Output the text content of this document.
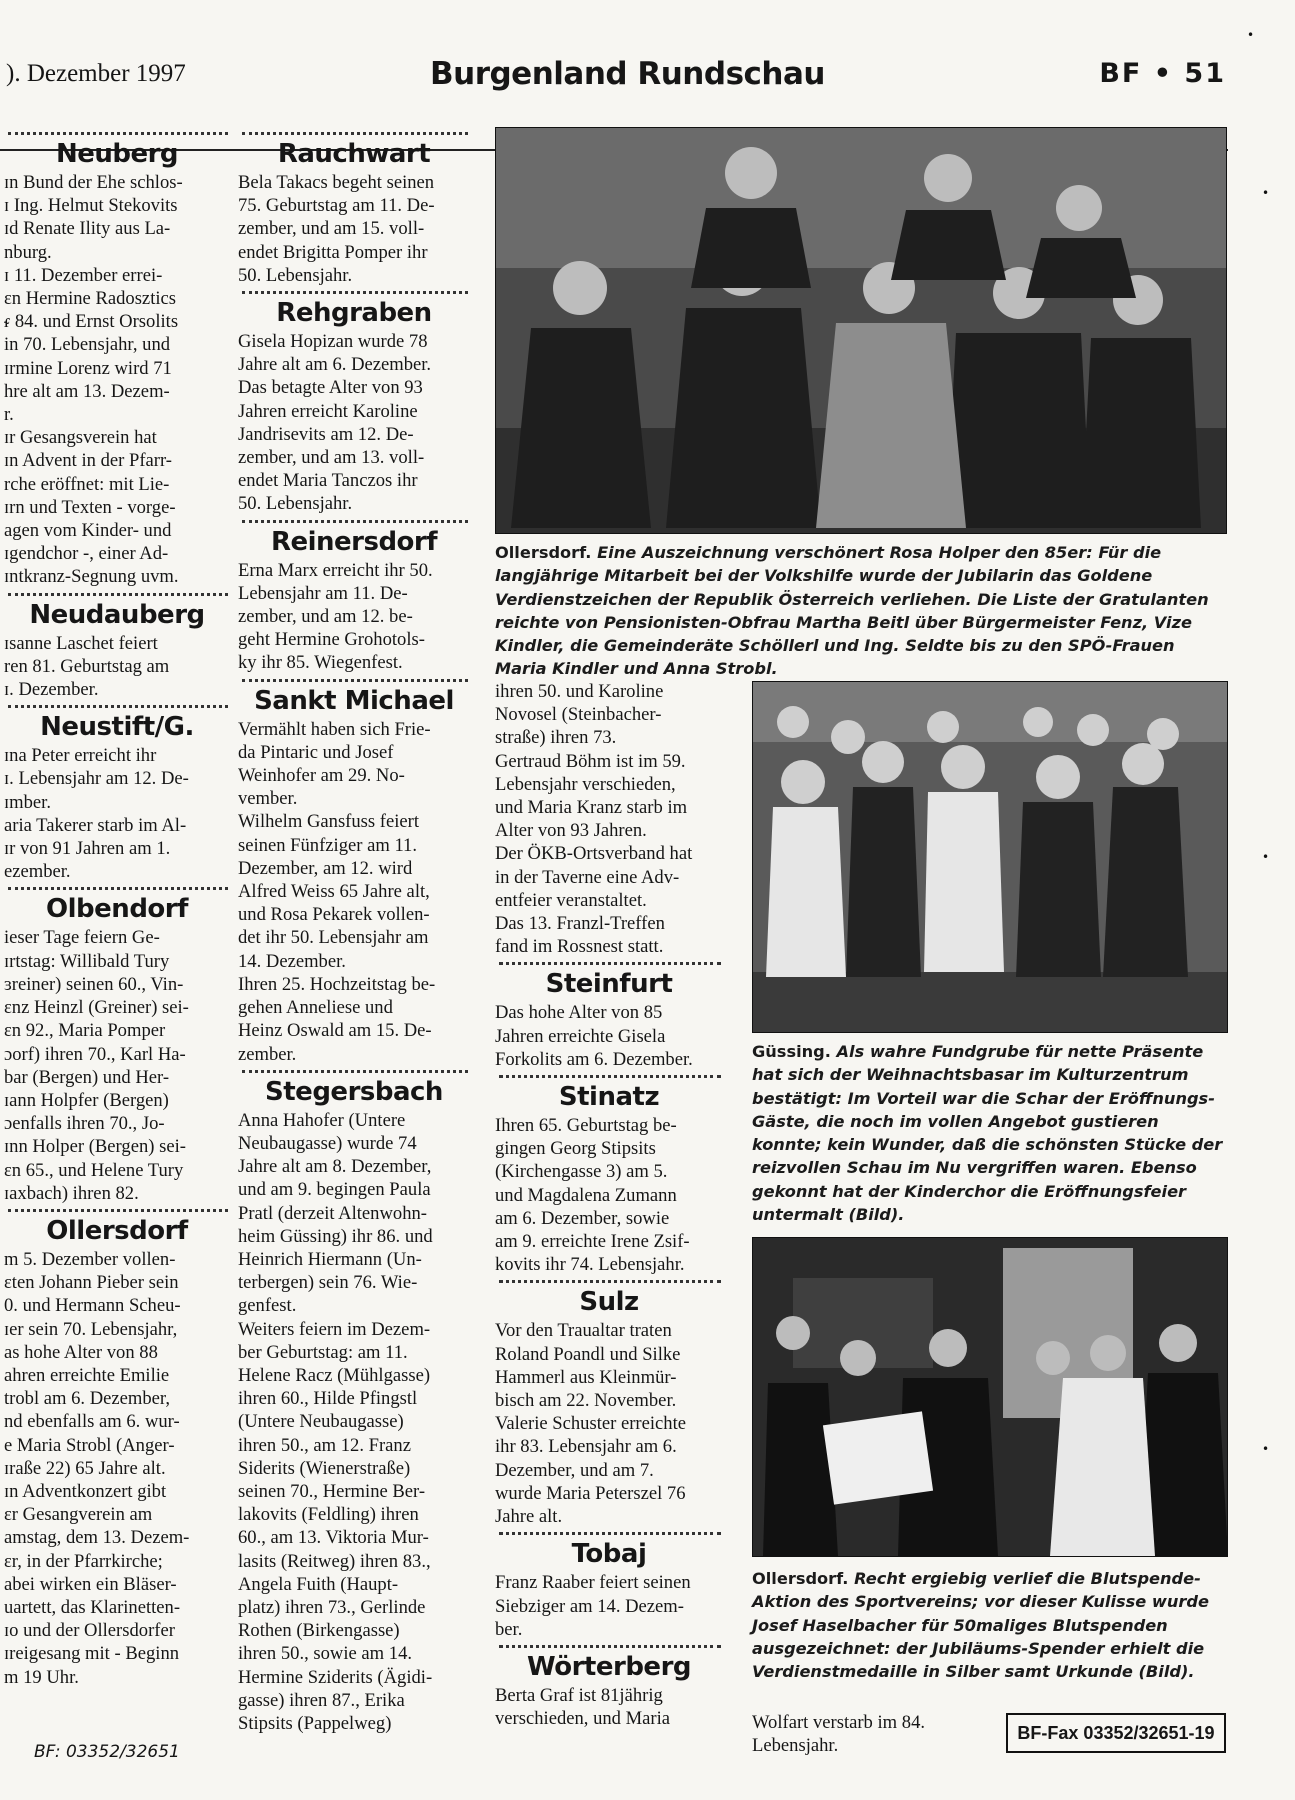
). Dezember 1997	Burgenland Rundschau	BF • 51
Neuberg
ɪn Bund der Ehe schlos-
ɪ Ing. Helmut Stekovits
ɪd Renate Ility aus La-
nburg.
ɪ 11. Dezember errei-
ɛn Hermine Radosztics
ᵳ 84. und Ernst Orsolits
in 70. Lebensjahr, und
ɪrmine Lorenz wird 71
hre alt am 13. Dezem-
r.
ɪr Gesangsverein hat
ɪn Advent in der Pfarr-
rche eröffnet: mit Lie-
ɪrn und Texten - vorge-
agen vom Kinder- und
ɪgendchor -, einer Ad-
ɪntkranz-Segnung uvm.
Neudauberg
ɪsanne Laschet feiert
ren 81. Geburtstag am
ɪ. Dezember.
Neustift/G.
ɪna Peter erreicht ihr
ɪ. Lebensjahr am 12. De-
ɪmber.
aria Takerer starb im Al-
ɪr von 91 Jahren am 1.
ezember.
Olbendorf
ieser Tage feiern Ge-
ɪrtstag: Willibald Tury
ɜreiner) seinen 60., Vin-
ɛnz Heinzl (Greiner) sei-
ɛn 92., Maria Pomper
ɔorf) ihren 70., Karl Ha-
bar (Bergen) und Her-
ɪann Holpfer (Bergen)
ɔenfalls ihren 70., Jo-
ɪnn Holper (Bergen) sei-
ɛn 65., und Helene Tury
ɪaxbach) ihren 82.
Ollersdorf
m 5. Dezember vollen-
ɛten Johann Pieber sein
0. und Hermann Scheu-
ɪer sein 70. Lebensjahr,
as hohe Alter von 88
ahren erreichte Emilie
trobl am 6. Dezember,
nd ebenfalls am 6. wur-
e Maria Strobl (Anger-
ɪraße 22) 65 Jahre alt.
ɪn Adventkonzert gibt
ɛr Gesangverein am
amstag, dem 13. Dezem-
ɛr, in der Pfarrkirche;
abei wirken ein Bläser-
uartett, das Klarinetten-
ɪo und der Ollersdorfer
ɪreigesang mit - Beginn
m 19 Uhr.
Rauchwart
Bela Takacs begeht seinen
75. Geburtstag am 11. De-
zember, und am 15. voll-
endet Brigitta Pomper ihr
50. Lebensjahr.
Rehgraben
Gisela Hopizan wurde 78
Jahre alt am 6. Dezember.
Das betagte Alter von 93
Jahren erreicht Karoline
Jandrisevits am 12. De-
zember, und am 13. voll-
endet Maria Tanczos ihr
50. Lebensjahr.
Reinersdorf
Erna Marx erreicht ihr 50.
Lebensjahr am 11. De-
zember, und am 12. be-
geht Hermine Grohotols-
ky ihr 85. Wiegenfest.
Sankt Michael
Vermählt haben sich Frie-
da Pintaric und Josef
Weinhofer am 29. No-
vember.
Wilhelm Gansfuss feiert
seinen Fünfziger am 11.
Dezember, am 12. wird
Alfred Weiss 65 Jahre alt,
und Rosa Pekarek vollen-
det ihr 50. Lebensjahr am
14. Dezember.
Ihren 25. Hochzeitstag be-
gehen Anneliese und
Heinz Oswald am 15. De-
zember.
Stegersbach
Anna Hahofer (Untere
Neubaugasse) wurde 74
Jahre alt am 8. Dezember,
und am 9. begingen Paula
Pratl (derzeit Altenwohn-
heim Güssing) ihr 86. und
Heinrich Hiermann (Un-
terbergen) sein 76. Wie-
genfest.
Weiters feiern im Dezem-
ber Geburtstag: am 11.
Helene Racz (Mühlgasse)
ihren 60., Hilde Pfingstl
(Untere Neubaugasse)
ihren 50., am 12. Franz
Siderits (Wienerstraße)
seinen 70., Hermine Ber-
lakovits (Feldling) ihren
60., am 13. Viktoria Mur-
lasits (Reitweg) ihren 83.,
Angela Fuith (Haupt-
platz) ihren 73., Gerlinde
Rothen (Birkengasse)
ihren 50., sowie am 14.
Hermine Sziderits (Ägidi-
gasse) ihren 87., Erika
Stipsits (Pappelweg)
ihren 50. und Karoline
Novosel (Steinbacher-
straße) ihren 73.
Gertraud Böhm ist im 59.
Lebensjahr verschieden,
und Maria Kranz starb im
Alter von 93 Jahren.
Der ÖKB-Ortsverband hat
in der Taverne eine Adv-
entfeier veranstaltet.
Das 13. Franzl-Treffen
fand im Rossnest statt.
Steinfurt
Das hohe Alter von 85
Jahren erreichte Gisela
Forkolits am 6. Dezember.
Stinatz
Ihren 65. Geburtstag be-
gingen Georg Stipsits
(Kirchengasse 3) am 5.
und Magdalena Zumann
am 6. Dezember, sowie
am 9. erreichte Irene Zsif-
kovits ihr 74. Lebensjahr.
Sulz
Vor den Traualtar traten
Roland Poandl und Silke
Hammerl aus Kleinmür-
bisch am 22. November.
Valerie Schuster erreichte
ihr 83. Lebensjahr am 6.
Dezember, und am 7.
wurde Maria Peterszel 76
Jahre alt.
Tobaj
Franz Raaber feiert seinen
Siebziger am 14. Dezem-
ber.
Wörterberg
Berta Graf ist 81jährig
verschieden, und Maria
Ollersdorf. Eine Auszeichnung verschönert Rosa Holper den 85er: Für die langjährige Mitarbeit bei der Volkshilfe wurde der Jubilarin das Goldene Verdienstzeichen der Republik Österreich verliehen. Die Liste der Gratulanten reichte von Pensionisten-Obfrau Martha Beitl über Bürgermeister Fenz, Vize Kindler, die Gemeinderäte Schöllerl und Ing. Seldte bis zu den SPÖ-Frauen Maria Kindler und Anna Strobl.
Güssing. Als wahre Fundgrube für nette Präsente hat sich der Weihnachtsbasar im Kulturzentrum bestätigt: Im Vorteil war die Schar der Eröffnungs-Gäste, die noch im vollen Angebot gustieren konnte; kein Wunder, daß die schönsten Stücke der reizvollen Schau im Nu vergriffen waren. Ebenso gekonnt hat der Kinderchor die Eröffnungsfeier untermalt (Bild).
Ollersdorf. Recht ergiebig verlief die Blutspende-Aktion des Sportvereins; vor dieser Kulisse wurde Josef Haselbacher für 50maliges Blutspenden ausgezeichnet: der Jubiläums-Spender erhielt die Verdienstmedaille in Silber samt Urkunde (Bild).
BF: 03352/32651
Wolfart verstarb im 84.
Lebensjahr.
BF-Fax 03352/32651-19
•
•
•
•
